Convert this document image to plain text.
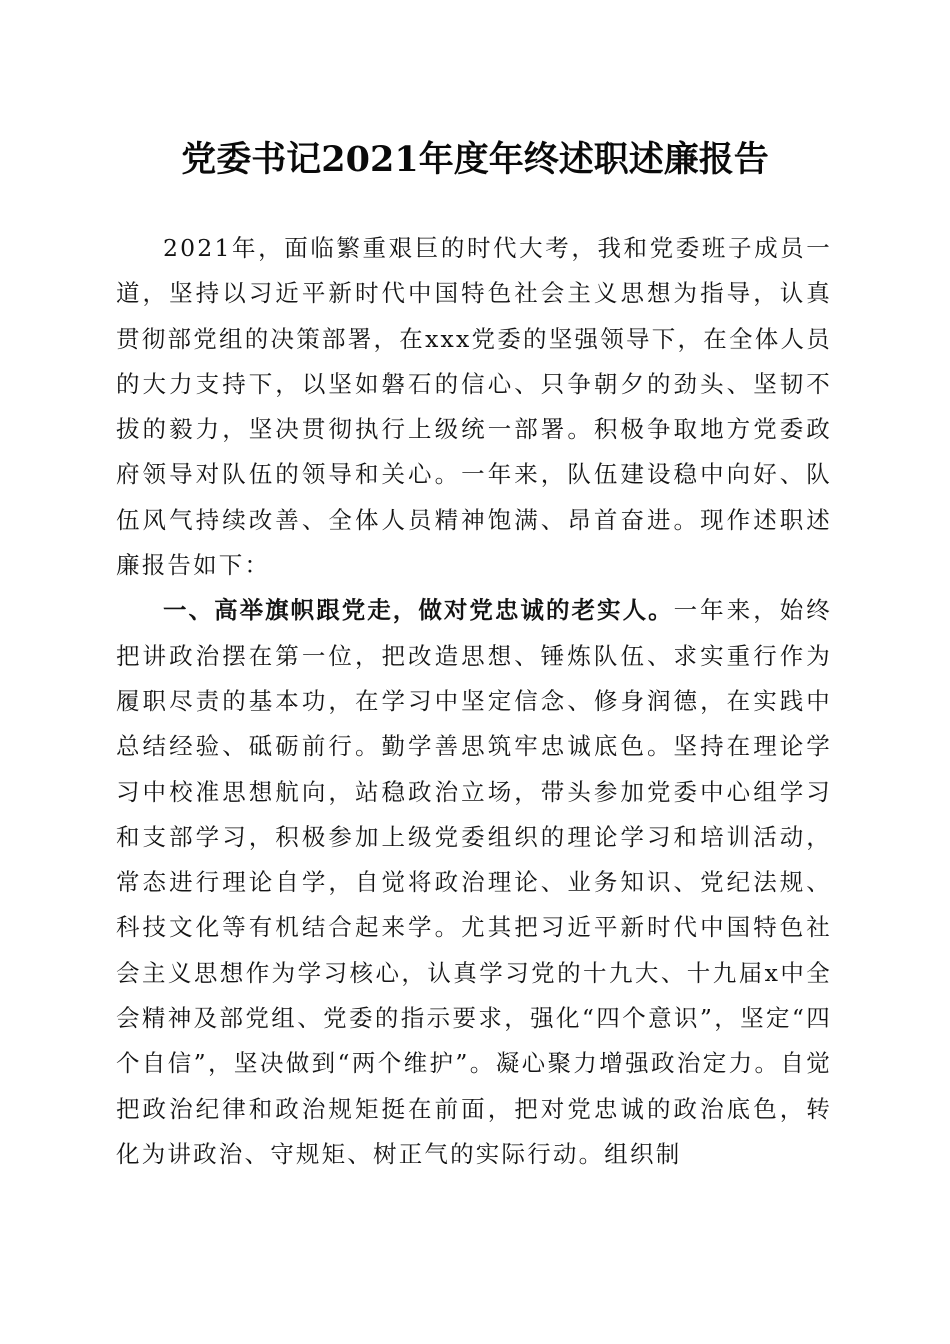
党委书记2021年度年终述职述廉报告

2021年，面临繁重艰巨的时代大考，我和党委班子成员一道，坚持以习近平新时代中国特色社会主义思想为指导，认真贯彻部党组的决策部署，在xxx党委的坚强领导下，在全体人员的大力支持下，以坚如磐石的信心、只争朝夕的劲头、坚韧不拔的毅力，坚决贯彻执行上级统一部署。积极争取地方党委政府领导对队伍的领导和关心。一年来，队伍建设稳中向好、队伍风气持续改善、全体人员精神饱满、昂首奋进。现作述职述廉报告如下：

一、高举旗帜跟党走，做对党忠诚的老实人。一年来，始终把讲政治摆在第一位，把改造思想、锤炼队伍、求实重行作为履职尽责的基本功，在学习中坚定信念、修身润德，在实践中总结经验、砥砺前行。勤学善思筑牢忠诚底色。坚持在理论学习中校准思想航向，站稳政治立场，带头参加党委中心组学习和支部学习，积极参加上级党委组织的理论学习和培训活动，常态进行理论自学，自觉将政治理论、业务知识、党纪法规、科技文化等有机结合起来学。尤其把习近平新时代中国特色社会主义思想作为学习核心，认真学习党的十九大、十九届x中全会精神及部党组、党委的指示要求，强化“四个意识”，坚定“四个自信”，坚决做到“两个维护”。凝心聚力增强政治定力。自觉把政治纪律和政治规矩挺在前面，把对党忠诚的政治底色，转化为讲政治、守规矩、树正气的实际行动。组织制
